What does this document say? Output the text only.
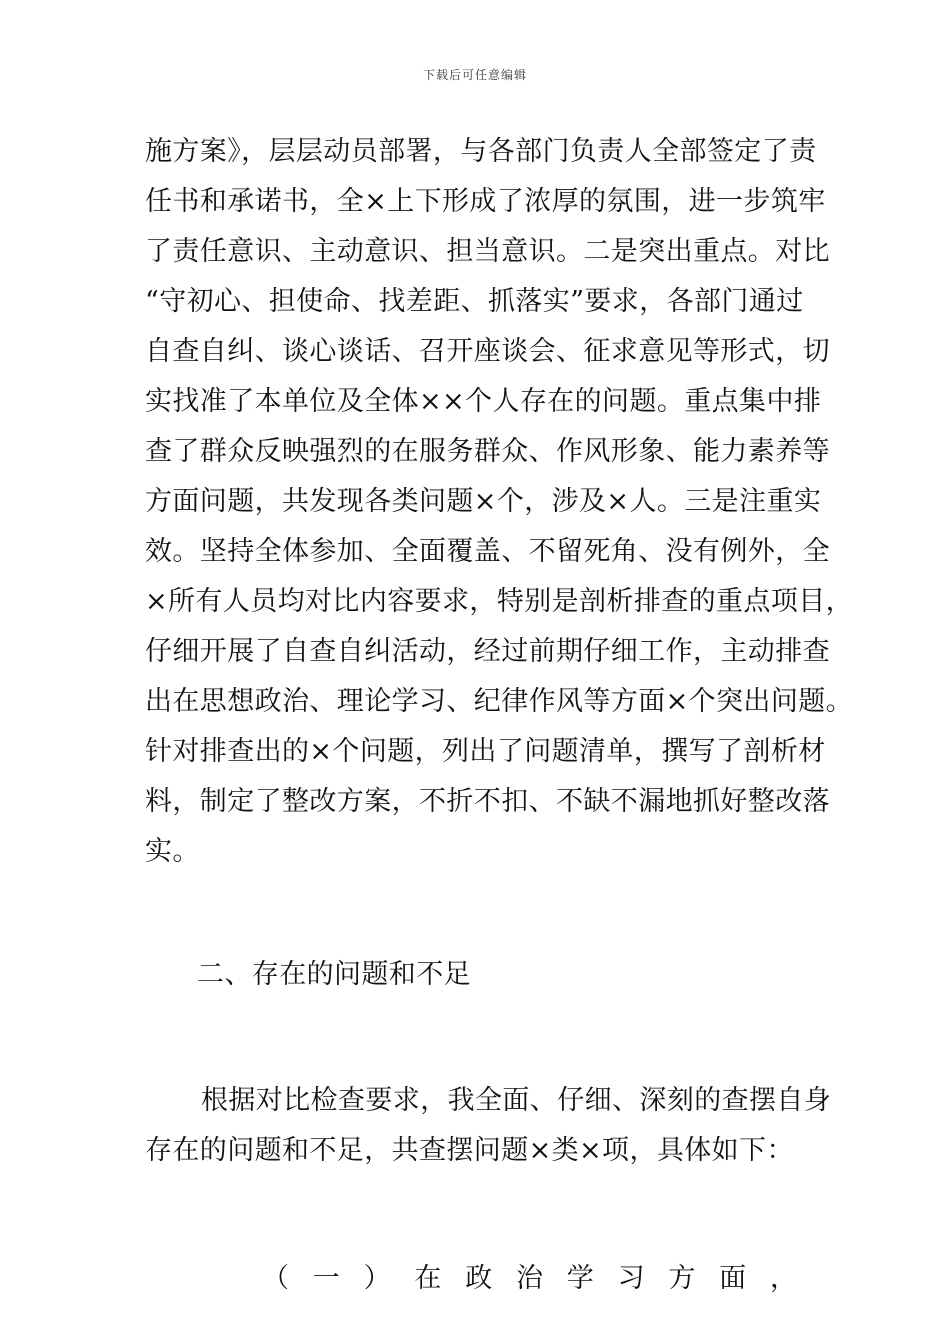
下载后可任意编辑
施方案》，层层动员部署，与各部门负责人全部签定了责
任书和承诺书，全×上下形成了浓厚的氛围，进一步筑牢
了责任意识、主动意识、担当意识。二是突出重点。对比
“守初心、担使命、找差距、抓落实”要求，各部门通过
自查自纠、谈心谈话、召开座谈会、征求意见等形式，切
实找准了本单位及全体××个人存在的问题。重点集中排
查了群众反映强烈的在服务群众、作风形象、能力素养等
方面问题，共发现各类问题×个，涉及×人。三是注重实
效。坚持全体参加、全面覆盖、不留死角、没有例外，全
×所有人员均对比内容要求，特别是剖析排查的重点项目，
仔细开展了自查自纠活动，经过前期仔细工作，主动排查
出在思想政治、理论学习、纪律作风等方面×个突出问题。
针对排查出的×个问题，列出了问题清单，撰写了剖析材
料，制定了整改方案，不折不扣、不缺不漏地抓好整改落
实。
二、存在的问题和不足
根据对比检查要求，我全面、仔细、深刻的查摆自身
存在的问题和不足，共查摆问题×类×项，具体如下：
（ 一 ） 在 政 治 学 习 方 面 ，
